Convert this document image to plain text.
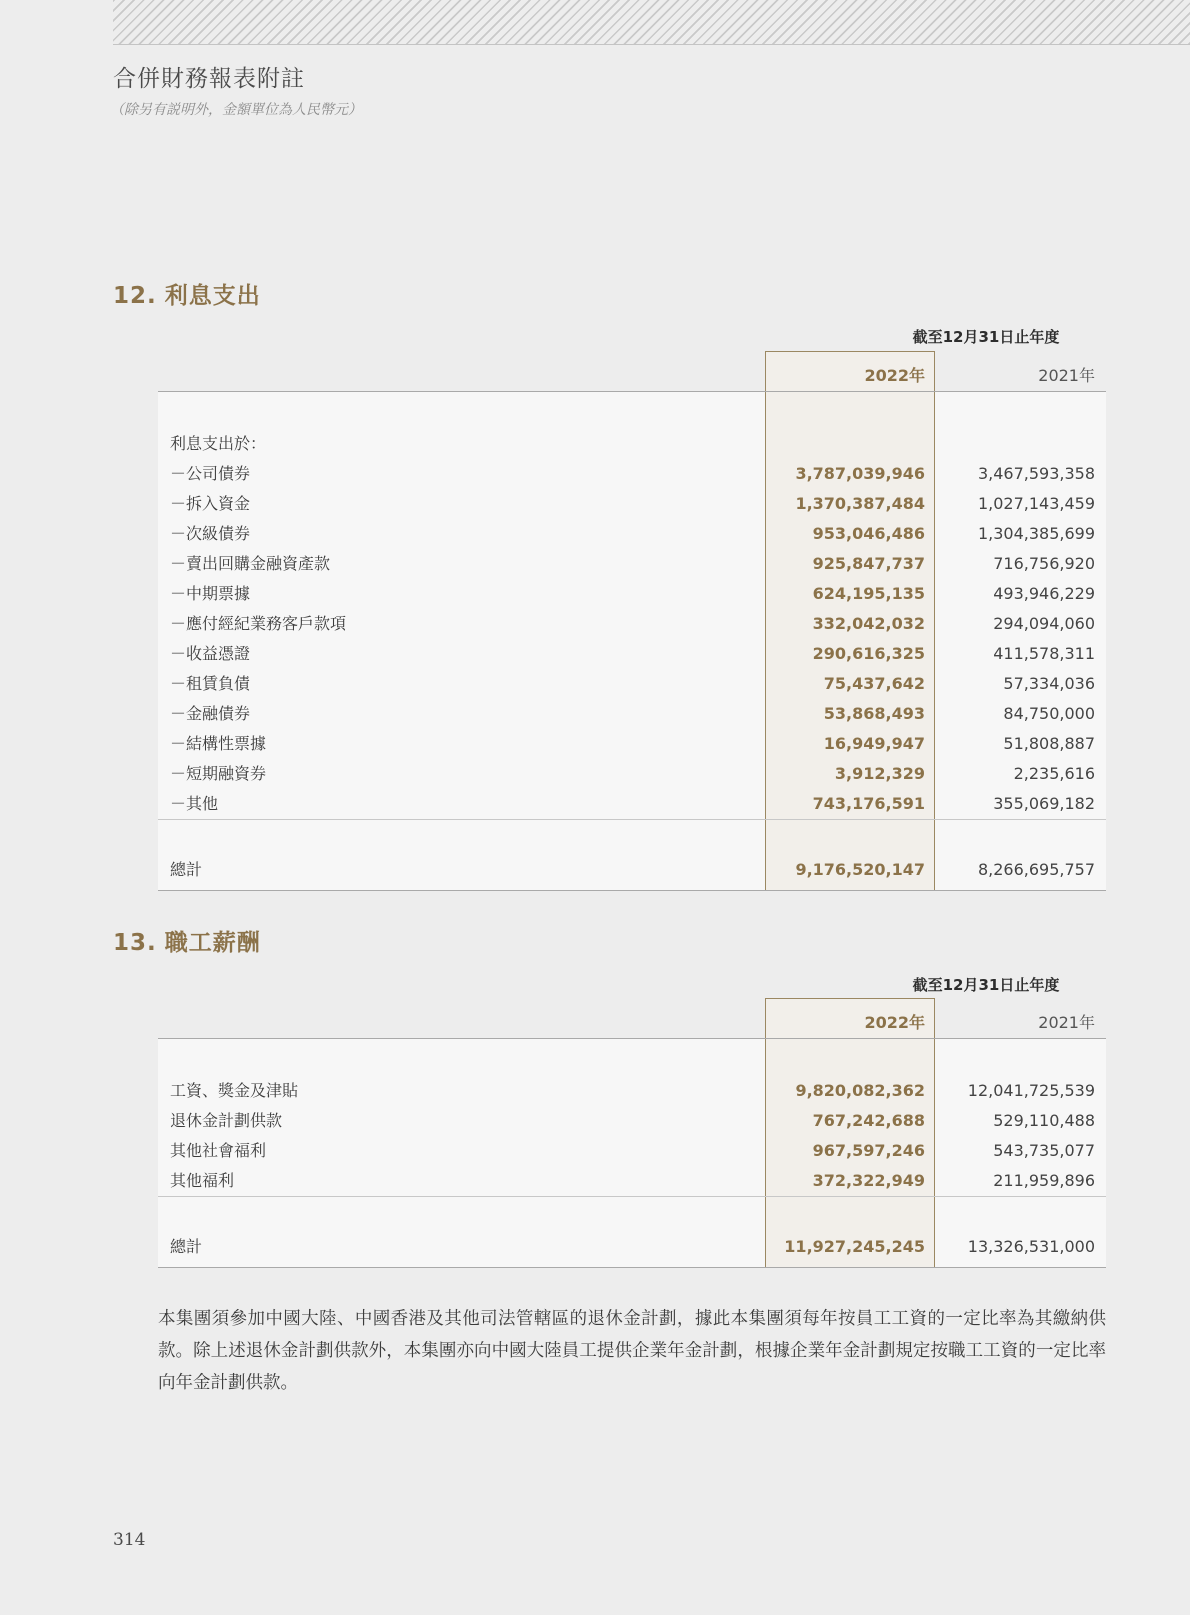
合併財務報表附註
（除另有説明外，金額單位為人民幣元）
12. 利息支出
截至12月31日止年度
2022年	2021年
利息支出於：
－公司債券	3,787,039,946	3,467,593,358
－拆入資金	1,370,387,484	1,027,143,459
－次級債券	953,046,486	1,304,385,699
－賣出回購金融資產款	925,847,737	716,756,920
－中期票據	624,195,135	493,946,229
－應付經紀業務客戶款項	332,042,032	294,094,060
－收益憑證	290,616,325	411,578,311
－租賃負債	75,437,642	57,334,036
－金融債券	53,868,493	84,750,000
－結構性票據	16,949,947	51,808,887
－短期融資券	3,912,329	2,235,616
－其他	743,176,591	355,069,182
總計	9,176,520,147	8,266,695,757
13. 職工薪酬
截至12月31日止年度
2022年	2021年
工資、獎金及津貼	9,820,082,362	12,041,725,539
退休金計劃供款	767,242,688	529,110,488
其他社會福利	967,597,246	543,735,077
其他福利	372,322,949	211,959,896
總計	11,927,245,245	13,326,531,000
本集團須參加中國大陸、中國香港及其他司法管轄區的退休金計劃，據此本集團須每年按員工工資的一定比率為其繳納供款。除上述退休金計劃供款外，本集團亦向中國大陸員工提供企業年金計劃，根據企業年金計劃規定按職工工資的一定比率向年金計劃供款。
314
